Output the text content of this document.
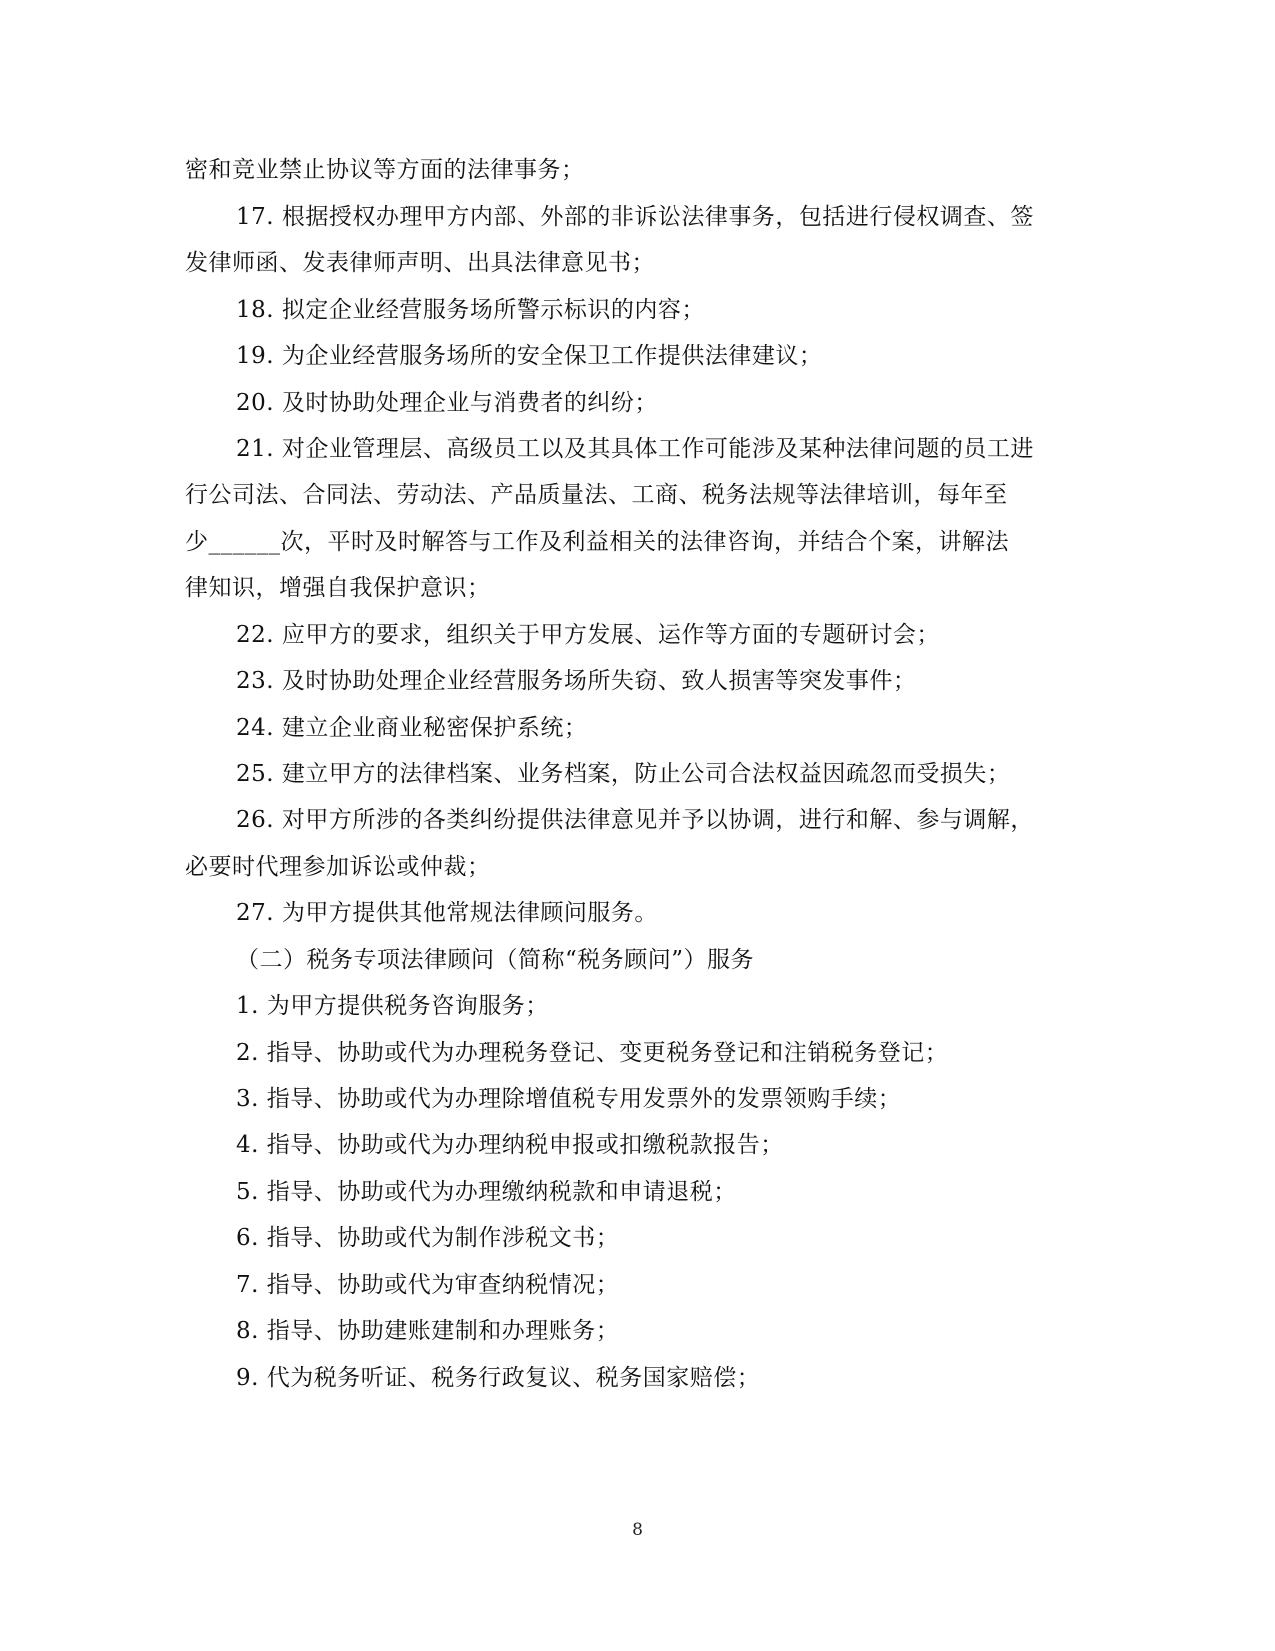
密和竞业禁止协议等方面的法律事务；
17. 根据授权办理甲方内部、外部的非诉讼法律事务，包括进行侵权调查、签
发律师函、发表律师声明、出具法律意见书；
18. 拟定企业经营服务场所警示标识的内容；
19. 为企业经营服务场所的安全保卫工作提供法律建议；
20. 及时协助处理企业与消费者的纠纷；
21. 对企业管理层、高级员工以及其具体工作可能涉及某种法律问题的员工进
行公司法、合同法、劳动法、产品质量法、工商、税务法规等法律培训，每年至
少______次，平时及时解答与工作及利益相关的法律咨询，并结合个案，讲解法
律知识，增强自我保护意识；
22. 应甲方的要求，组织关于甲方发展、运作等方面的专题研讨会；
23. 及时协助处理企业经营服务场所失窃、致人损害等突发事件；
24. 建立企业商业秘密保护系统；
25. 建立甲方的法律档案、业务档案，防止公司合法权益因疏忽而受损失；
26. 对甲方所涉的各类纠纷提供法律意见并予以协调，进行和解、参与调解，
必要时代理参加诉讼或仲裁；
27. 为甲方提供其他常规法律顾问服务。
（二）税务专项法律顾问（简称“税务顾问”）服务
1. 为甲方提供税务咨询服务；
2. 指导、协助或代为办理税务登记、变更税务登记和注销税务登记；
3. 指导、协助或代为办理除增值税专用发票外的发票领购手续；
4. 指导、协助或代为办理纳税申报或扣缴税款报告；
5. 指导、协助或代为办理缴纳税款和申请退税；
6. 指导、协助或代为制作涉税文书；
7. 指导、协助或代为审查纳税情况；
8. 指导、协助建账建制和办理账务；
9. 代为税务听证、税务行政复议、税务国家赔偿；
8
